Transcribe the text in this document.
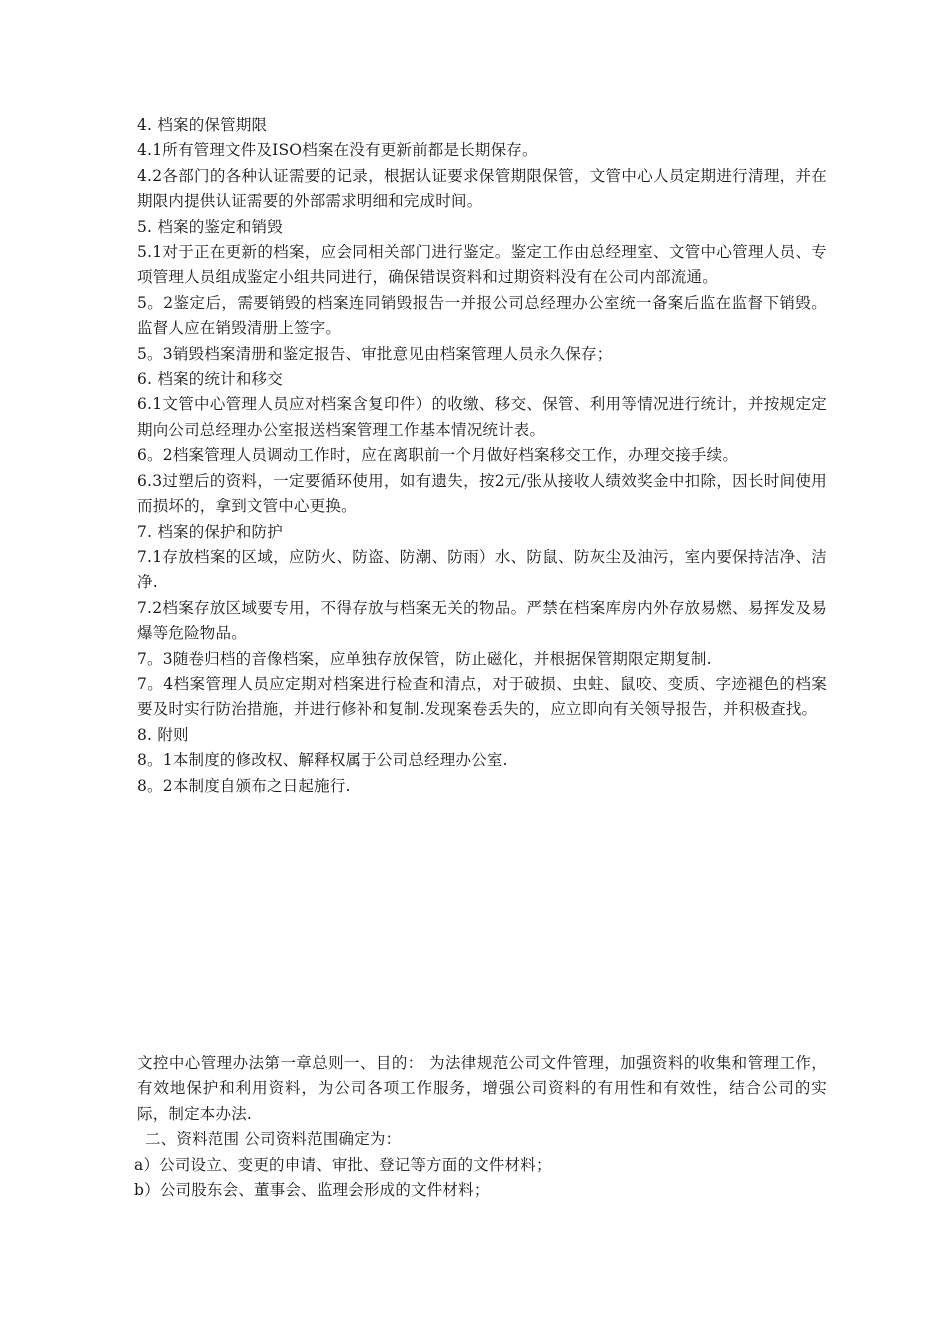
4. 档案的保管期限

4.1所有管理文件及ISO档案在没有更新前都是长期保存。

4.2各部门的各种认证需要的记录，根据认证要求保管期限保管，文管中心人员定期进行清理，并在期限内提供认证需要的外部需求明细和完成时间。

5. 档案的鉴定和销毁

5.1对于正在更新的档案，应会同相关部门进行鉴定。鉴定工作由总经理室、文管中心管理人员、专项管理人员组成鉴定小组共同进行，确保错误资料和过期资料没有在公司内部流通。

5。2鉴定后，需要销毁的档案连同销毁报告一并报公司总经理办公室统一备案后监在监督下销毁。监督人应在销毁清册上签字。

5。3销毁档案清册和鉴定报告、审批意见由档案管理人员永久保存；

6. 档案的统计和移交

6.1文管中心管理人员应对档案含复印件）的收缴、移交、保管、利用等情况进行统计，并按规定定期向公司总经理办公室报送档案管理工作基本情况统计表。

6。2档案管理人员调动工作时，应在离职前一个月做好档案移交工作，办理交接手续。

6.3过塑后的资料，一定要循环使用，如有遗失，按2元/张从接收人绩效奖金中扣除，因长时间使用而损坏的，拿到文管中心更换。

7. 档案的保护和防护

7.1存放档案的区域，应防火、防盗、防潮、防雨）水、防鼠、防灰尘及油污，室内要保持洁净、洁净.

7.2档案存放区域要专用，不得存放与档案无关的物品。严禁在档案库房内外存放易燃、易挥发及易爆等危险物品。

7。3随卷归档的音像档案，应单独存放保管，防止磁化，并根据保管期限定期复制.

7。4档案管理人员应定期对档案进行检查和清点，对于破损、虫蛀、鼠咬、变质、字迹褪色的档案要及时实行防治措施，并进行修补和复制.发现案卷丢失的，应立即向有关领导报告，并积极查找。

8. 附则

8。1本制度的修改权、解释权属于公司总经理办公室.

8。2本制度自颁布之日起施行.

文控中心管理办法第一章总则一、目的： 为法律规范公司文件管理，加强资料的收集和管理工作，有效地保护和利用资料，为公司各项工作服务，增强公司资料的有用性和有效性，结合公司的实际，制定本办法.

二、资料范围 公司资料范围确定为：

a）公司设立、变更的申请、审批、登记等方面的文件材料；

b）公司股东会、董事会、监理会形成的文件材料；
